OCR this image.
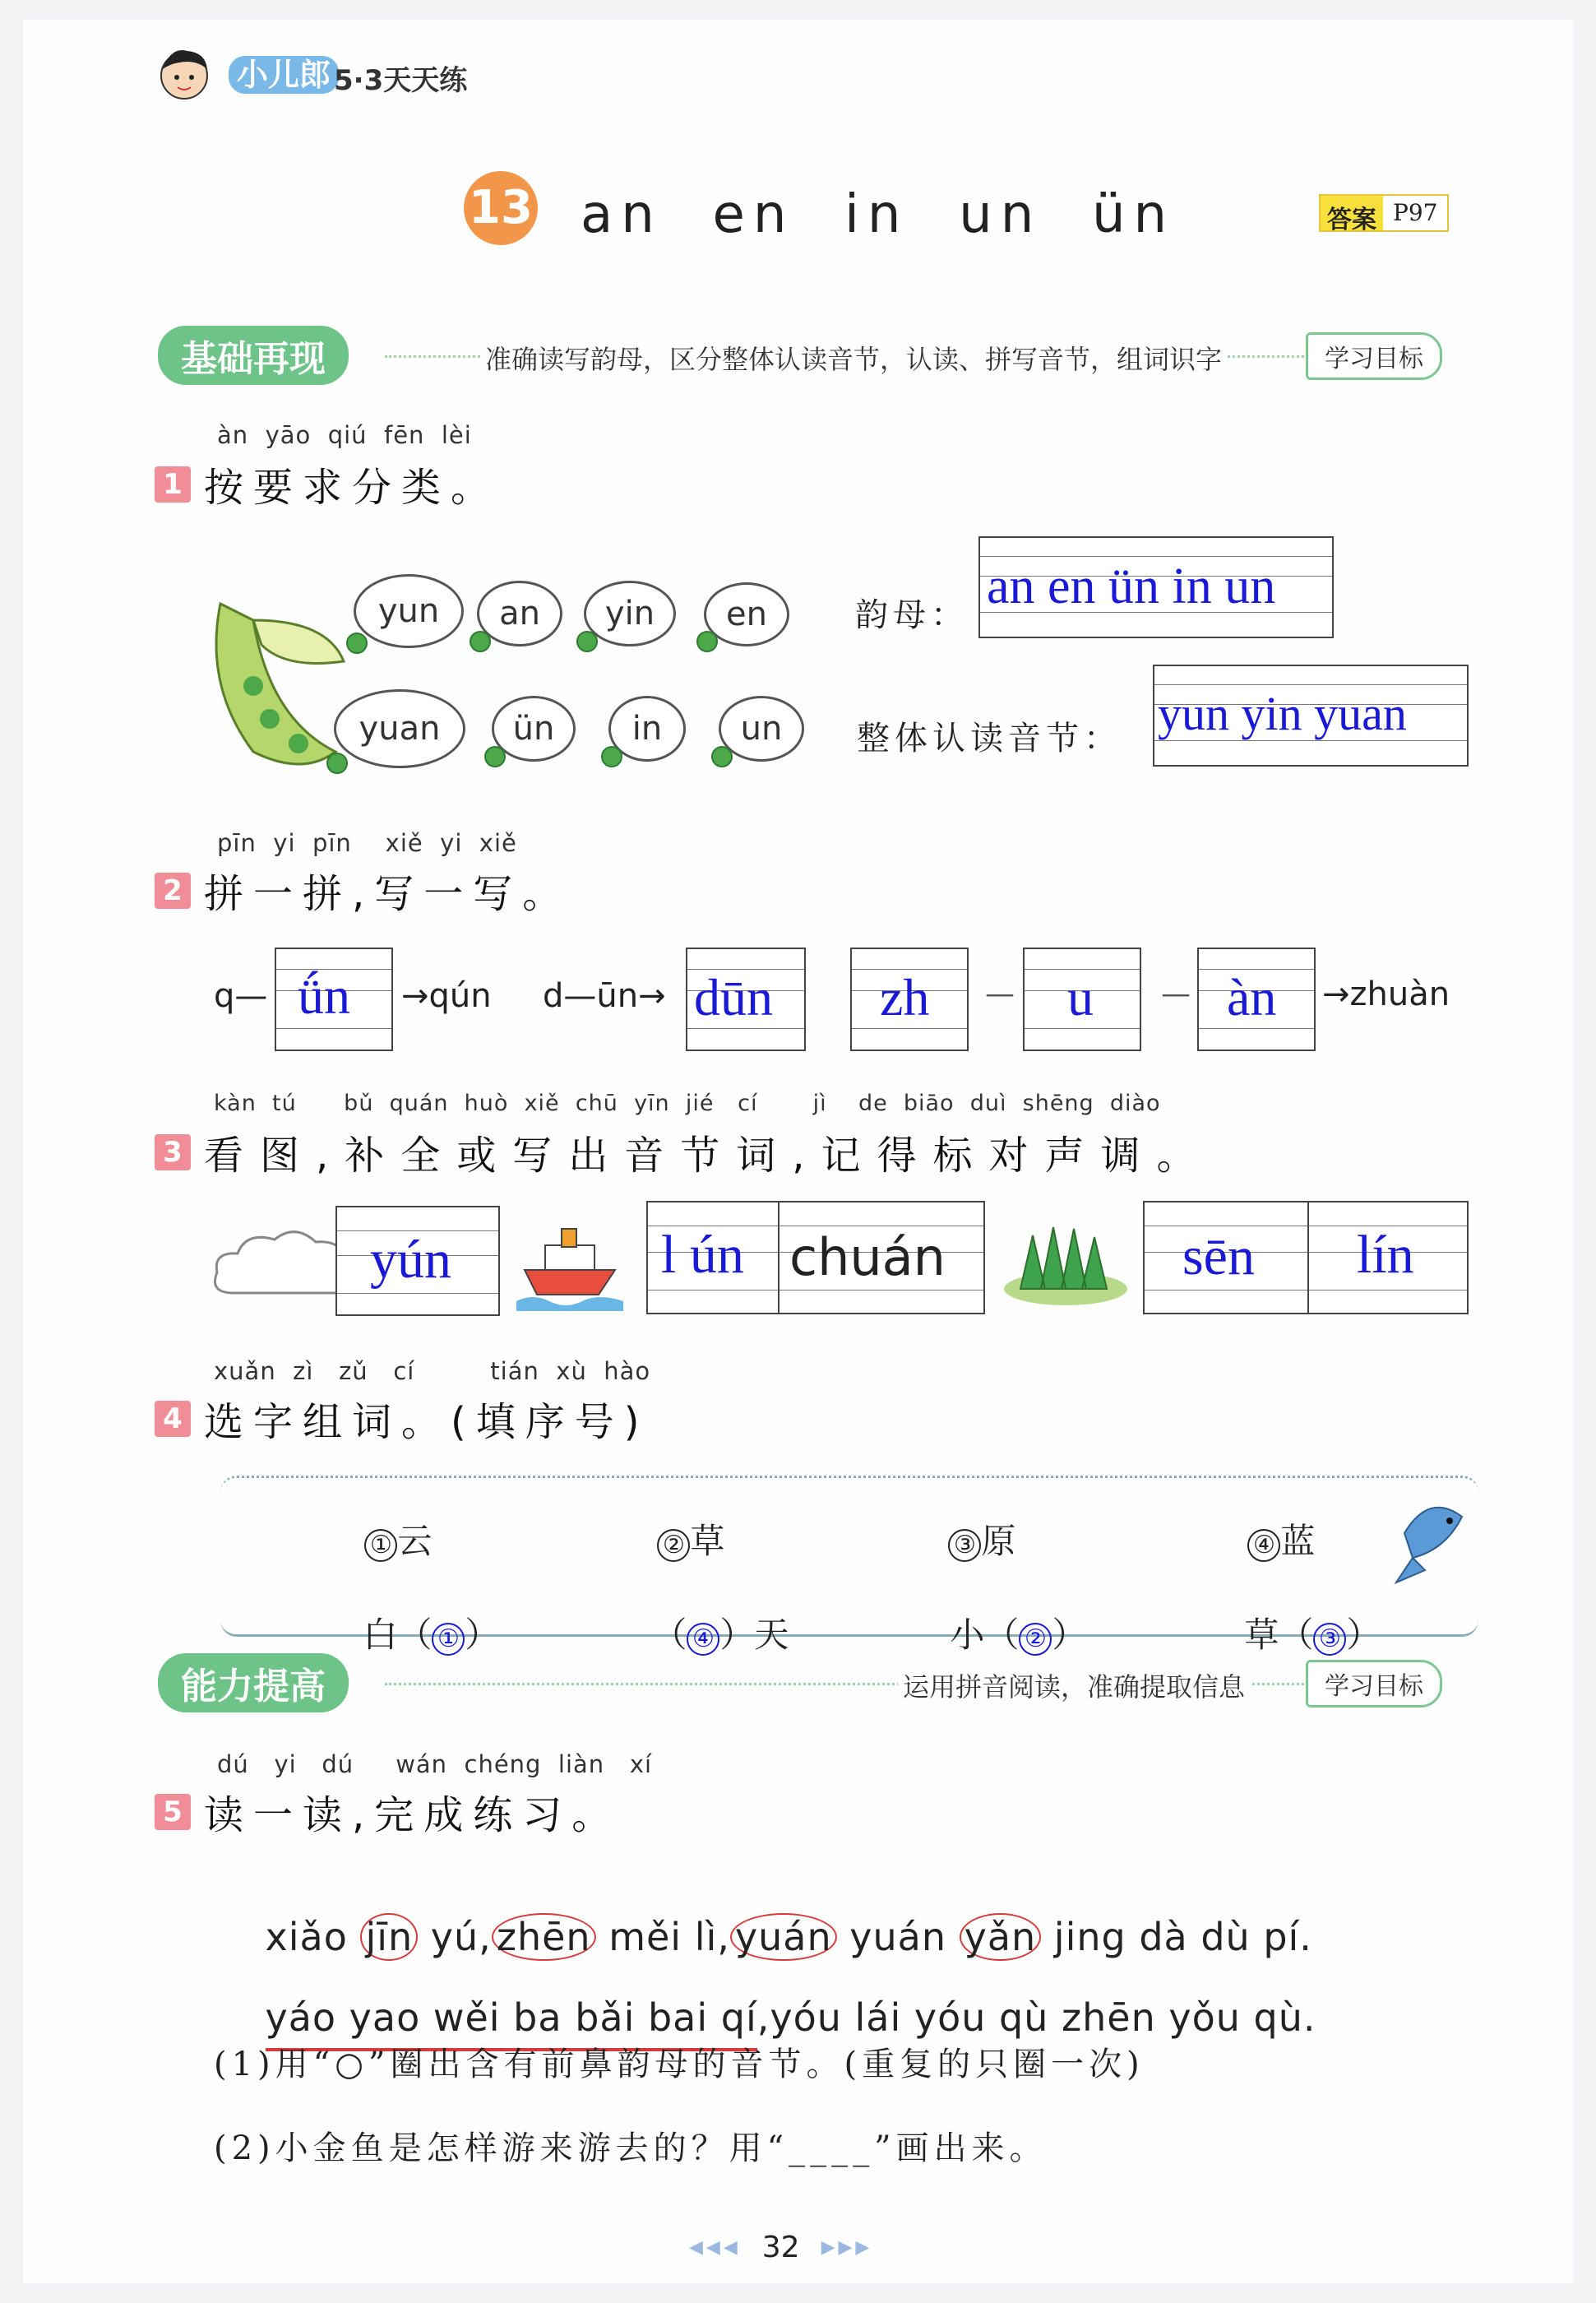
小儿郎 5·3天天练
13 an  en  in  un  ün	答案 P97
基础再现	准确读写韵母，区分整体认读音节，认读、拼写音节，组词识字	学习目标
àn  yāo  qiú  fēn  lèi
1 按要求分类。
yun	an	yin	en
yuan	ün	in	un
韵母：
an en ün in un
整体认读音节： yun yin yuan
pīn  yi  pīn    xiě  yi  xiě
2 拼一拼,写一写。
q— ǘn →qún d—ūn→ dūn zh — u — àn →zhuàn
kàn  tú      bǔ  quán  huò  xiě  chū  yīn  jié   cí       jì    de  biāo  duì  shēng  diào
3 看图,补全或写出音节词,记得标对声调。
yún	l ún chuán	sēn lín
xuǎn  zì   zǔ   cí         tián  xù  hào
4 选字组词。(填序号)

① 云
	② 草
	③ 原
	④ 蓝

白（ ① ）
	（ ④ ）天
	小（ ② ）
	草（ ③ ）

能力提高	运用拼音阅读，准确提取信息	学习目标
dú   yi   dú     wán  chéng  liàn   xí
5 读一读,完成练习。

xiǎo jīn yú, zhēn měi lì, yuán yuán yǎn jing dà dù pí.

yáo yao wěi ba bǎi bai qí,yóu lái yóu qù zhēn yǒu qù.

(1)用“○”圈出含有前鼻韵母的音节。(重复的只圈一次)
(2)小金鱼是怎样游来游去的？用“____”画出来。
◀◀◀ 32 ▶▶▶
